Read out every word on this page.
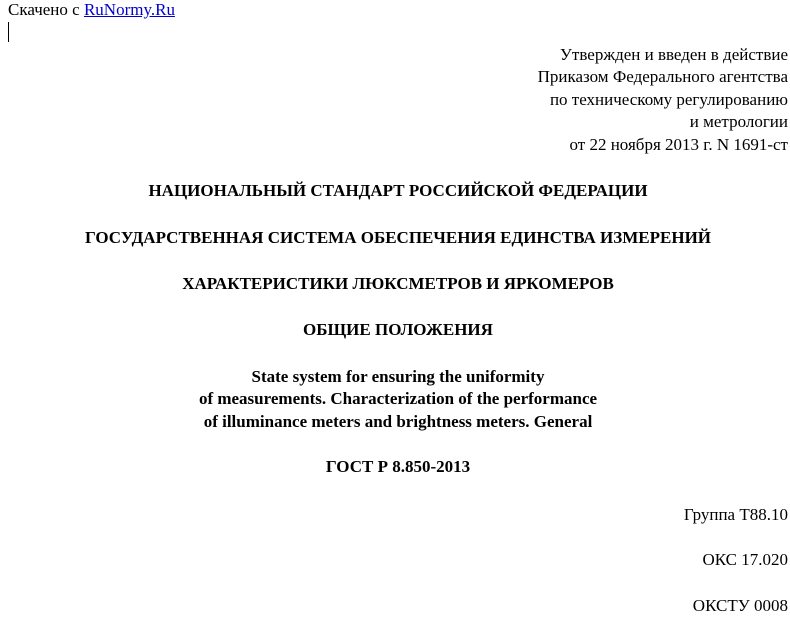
Скачено с RuNormy.Ru
Утвержден и введен в действие
Приказом Федерального агентства
по техническому регулированию
и метрологии
от 22 ноября 2013 г. N 1691-ст
НАЦИОНАЛЬНЫЙ СТАНДАРТ РОССИЙСКОЙ ФЕДЕРАЦИИ
ГОСУДАРСТВЕННАЯ СИСТЕМА ОБЕСПЕЧЕНИЯ ЕДИНСТВА ИЗМЕРЕНИЙ
ХАРАКТЕРИСТИКИ ЛЮКСМЕТРОВ И ЯРКОМЕРОВ
ОБЩИЕ ПОЛОЖЕНИЯ
State system for ensuring the uniformity
of measurements. Characterization of the performance
of illuminance meters and brightness meters. General
ГОСТ Р 8.850-2013
Группа Т88.10
ОКС 17.020
ОКСТУ 0008
